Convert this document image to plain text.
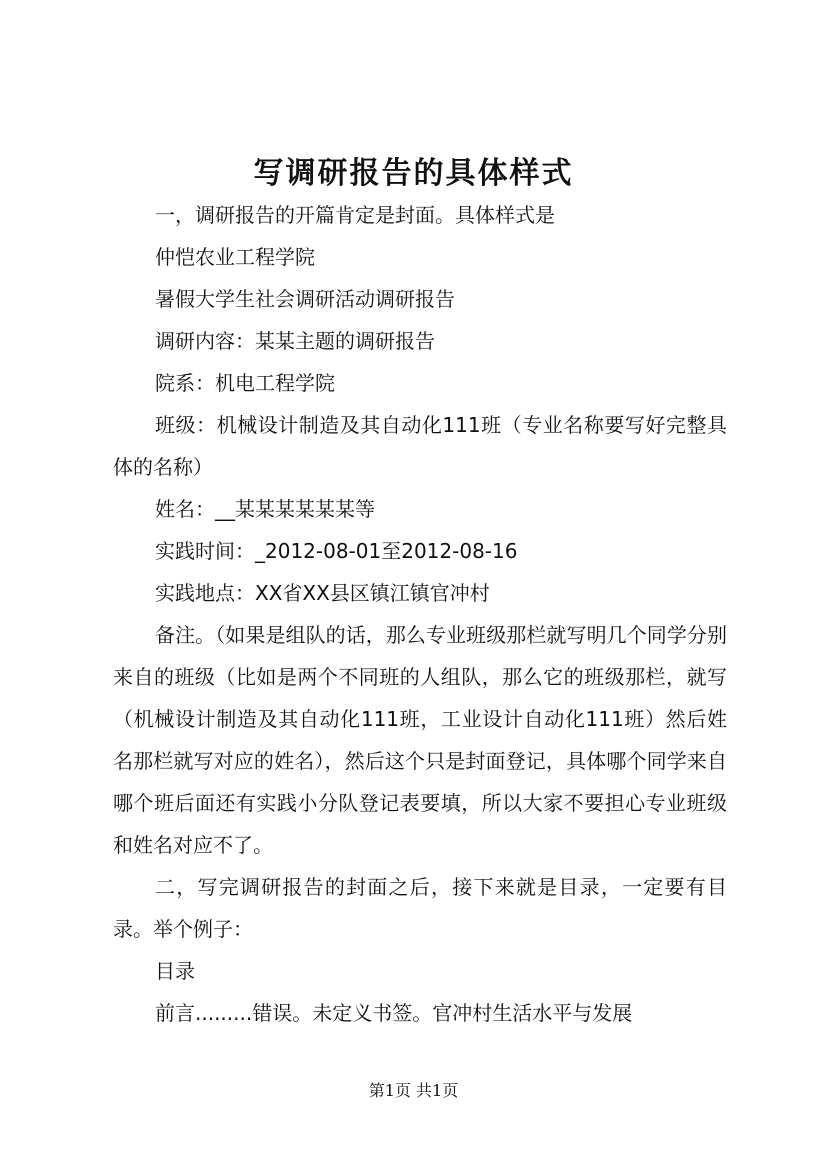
写调研报告的具体样式

一，调研报告的开篇肯定是封面。具体样式是

仲恺农业工程学院

暑假大学生社会调研活动调研报告

调研内容：某某主题的调研报告

院系：机电工程学院

班级：机械设计制造及其自动化111班（专业名称要写好完整具体的名称）

姓名：__某某某某某某等

实践时间：_2012-08-01至2012-08-16

实践地点：XX省XX县区镇江镇官冲村

备注。（如果是组队的话，那么专业班级那栏就写明几个同学分别来自的班级（比如是两个不同班的人组队，那么它的班级那栏，就写（机械设计制造及其自动化111班，工业设计自动化111班）然后姓名那栏就写对应的姓名），然后这个只是封面登记，具体哪个同学来自哪个班后面还有实践小分队登记表要填，所以大家不要担心专业班级和姓名对应不了。

二，写完调研报告的封面之后，接下来就是目录，一定要有目录。举个例子：

目录

前言.........错误。未定义书签。官冲村生活水平与发展

第1页 共1页
